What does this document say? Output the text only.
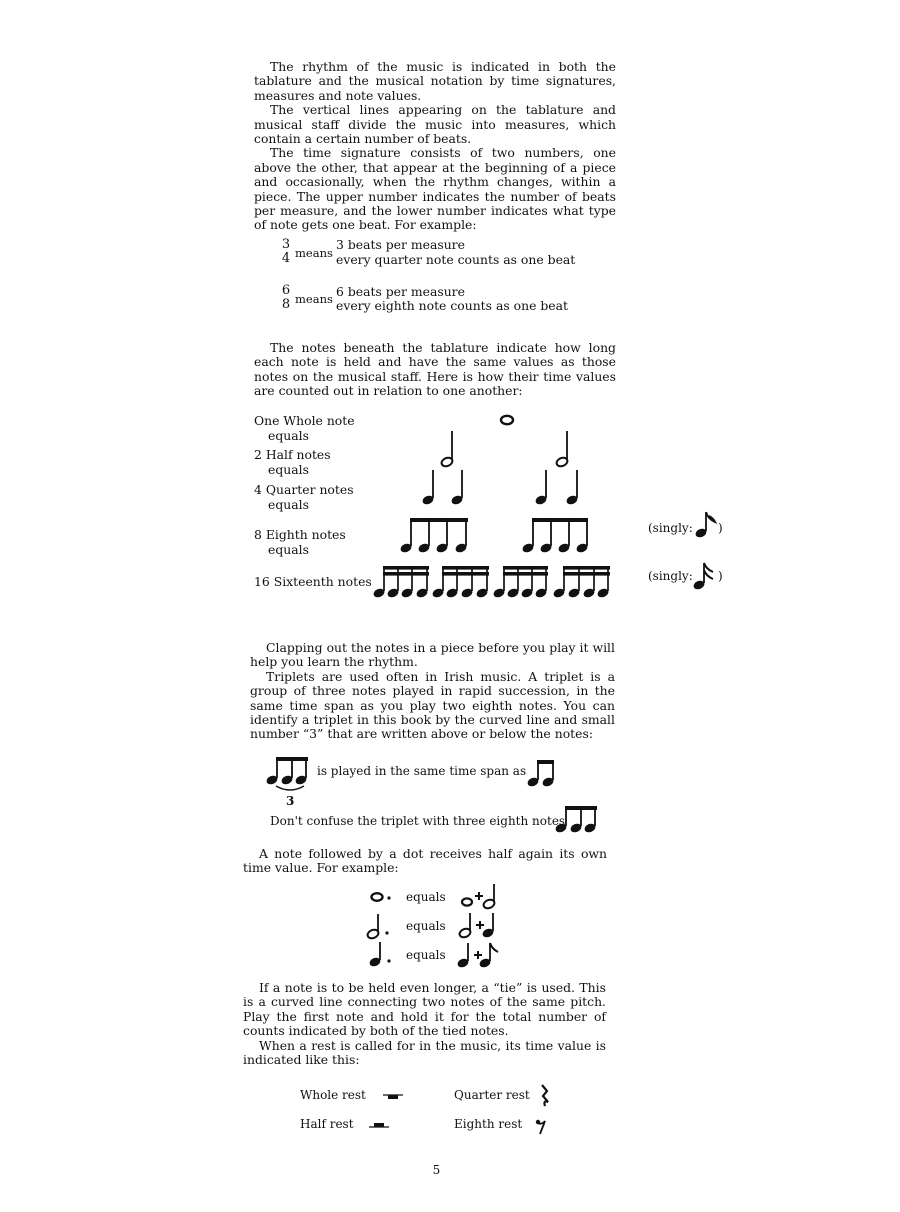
The rhythm of the music is indicated in both the tablature and the musical notation by time signatures, measures and note values.

The vertical lines appearing on the tablature and musical staff divide the music into measures, which contain a certain number of beats.

The time signature consists of two numbers, one above the other, that appear at the beginning of a piece and occasionally, when the rhythm changes, within a piece. The upper number indicates the number of beats per measure, and the lower number indicates what type of note gets one beat. For example:

3
4 means
3 beats per measure
every quarter note counts as one beat
6
8 means 6 beats per measure
every eighth note counts as one beat

The notes beneath the tablature indicate how long each note is held and have the same values as those notes on the musical staff. Here is how their time values are counted out in relation to one another:

One Whole note
equals
2 Half notes
equals
4 Quarter notes
equals
8 Eighth notes
equals
16 Sixteenth notes
(singly: )
(singly: )

Clapping out the notes in a piece before you play it will help you learn the rhythm.

Triplets are used often in Irish music. A triplet is a group of three notes played in rapid succession, in the same time span as you play two eighth notes. You can identify a triplet in this book by the curved line and small number “3” that are written above or below the notes:

3
is played in the same time span as
Don't confuse the triplet with three eighth notes

A note followed by a dot receives half again its own time value. For example:

equals
equals
equals

If a note is to be held even longer, a “tie” is used. This is a curved line connecting two notes of the same pitch. Play the first note and hold it for the total number of counts indicated by both of the tied notes.

When a rest is called for in the music, its time value is indicated like this:

Whole rest
Half rest
Quarter rest
Eighth rest
5
